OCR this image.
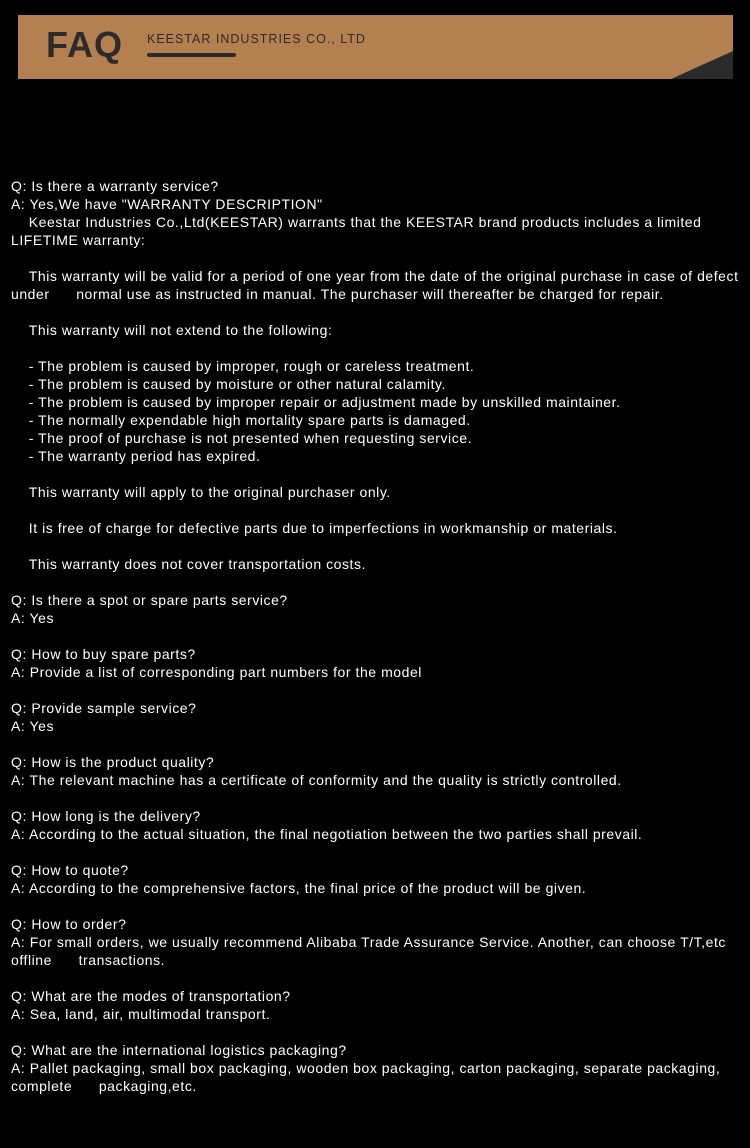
FAQ KEESTAR INDUSTRIES CO., LTD

Q: Is there a warranty service?

A: Yes,We have "WARRANTY DESCRIPTION"

Keestar Industries Co.,Ltd(KEESTAR) warrants that the KEESTAR brand products includes a limited LIFETIME warranty:

This warranty will be valid for a period of one year from the date of the original purchase in case of defect under      normal use as instructed in manual. The purchaser will thereafter be charged for repair.

This warranty will not extend to the following:

- The problem is caused by improper, rough or careless treatment.

- The problem is caused by moisture or other natural calamity.

- The problem is caused by improper repair or adjustment made by unskilled maintainer.

- The normally expendable high mortality spare parts is damaged.

- The proof of purchase is not presented when requesting service.

- The warranty period has expired.

This warranty will apply to the original purchaser only.

It is free of charge for defective parts due to imperfections in workmanship or materials.

This warranty does not cover transportation costs.

Q: Is there a spot or spare parts service?

A: Yes

Q: How to buy spare parts?

A: Provide a list of corresponding part numbers for the model

Q: Provide sample service?

A: Yes

Q: How is the product quality?

A: The relevant machine has a certificate of conformity and the quality is strictly controlled.

Q: How long is the delivery?

A: According to the actual situation, the final negotiation between the two parties shall prevail.

Q: How to quote?

A: According to the comprehensive factors, the final price of the product will be given.

Q: How to order?

A: For small orders, we usually recommend Alibaba Trade Assurance Service. Another, can choose T/T,etc offline      transactions.

Q: What are the modes of transportation?

A: Sea, land, air, multimodal transport.

Q: What are the international logistics packaging?

A: Pallet packaging, small box packaging, wooden box packaging, carton packaging, separate packaging, complete      packaging,etc.
